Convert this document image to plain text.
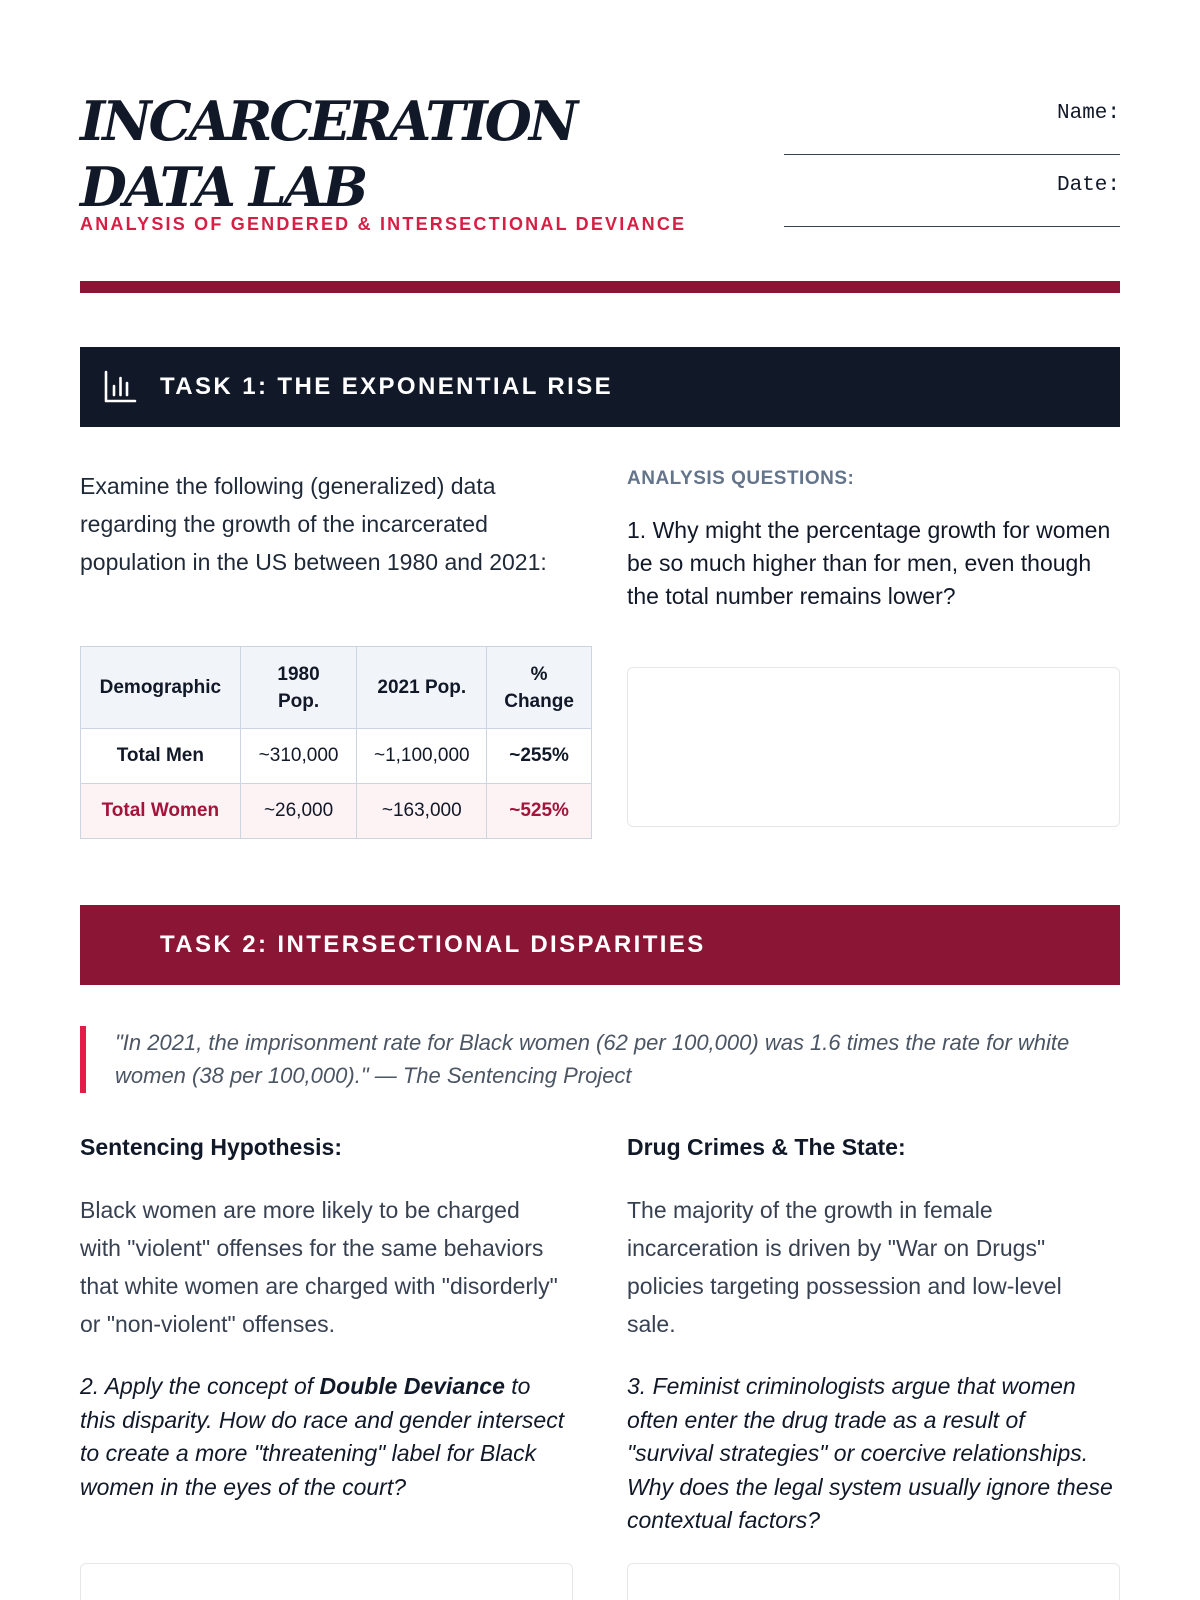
INCARCERATION DATA LAB
ANALYSIS OF GENDERED & INTERSECTIONAL DEVIANCE
Name:
Date:
TASK 1: THE EXPONENTIAL RISE

Examine the following (generalized) data regarding the growth of the incarcerated population in the US between 1980 and 2021:

Demographic	1980 Pop.	2021 Pop.	% Change

Total Men	~310,000	~1,100,000	~255%
Total Women	~26,000	~163,000	~525%
ANALYSIS QUESTIONS:

1. Why might the percentage growth for women be so much higher than for men, even though the total number remains lower?

TASK 2: INTERSECTIONAL DISPARITIES
"In 2021, the imprisonment rate for Black women (62 per 100,000) was 1.6 times the rate for white women (38 per 100,000)." — The Sentencing Project
Sentencing Hypothesis:

Black women are more likely to be charged with "violent" offenses for the same behaviors that white women are charged with "disorderly" or "non-violent" offenses.

2. Apply the concept of Double Deviance to this disparity. How do race and gender intersect to create a more "threatening" label for Black women in the eyes of the court?

Drug Crimes & The State:

The majority of the growth in female incarceration is driven by "War on Drugs" policies targeting possession and low-level sale.

3. Feminist criminologists argue that women often enter the drug trade as a result of "survival strategies" or coercive relationships. Why does the legal system usually ignore these contextual factors?
